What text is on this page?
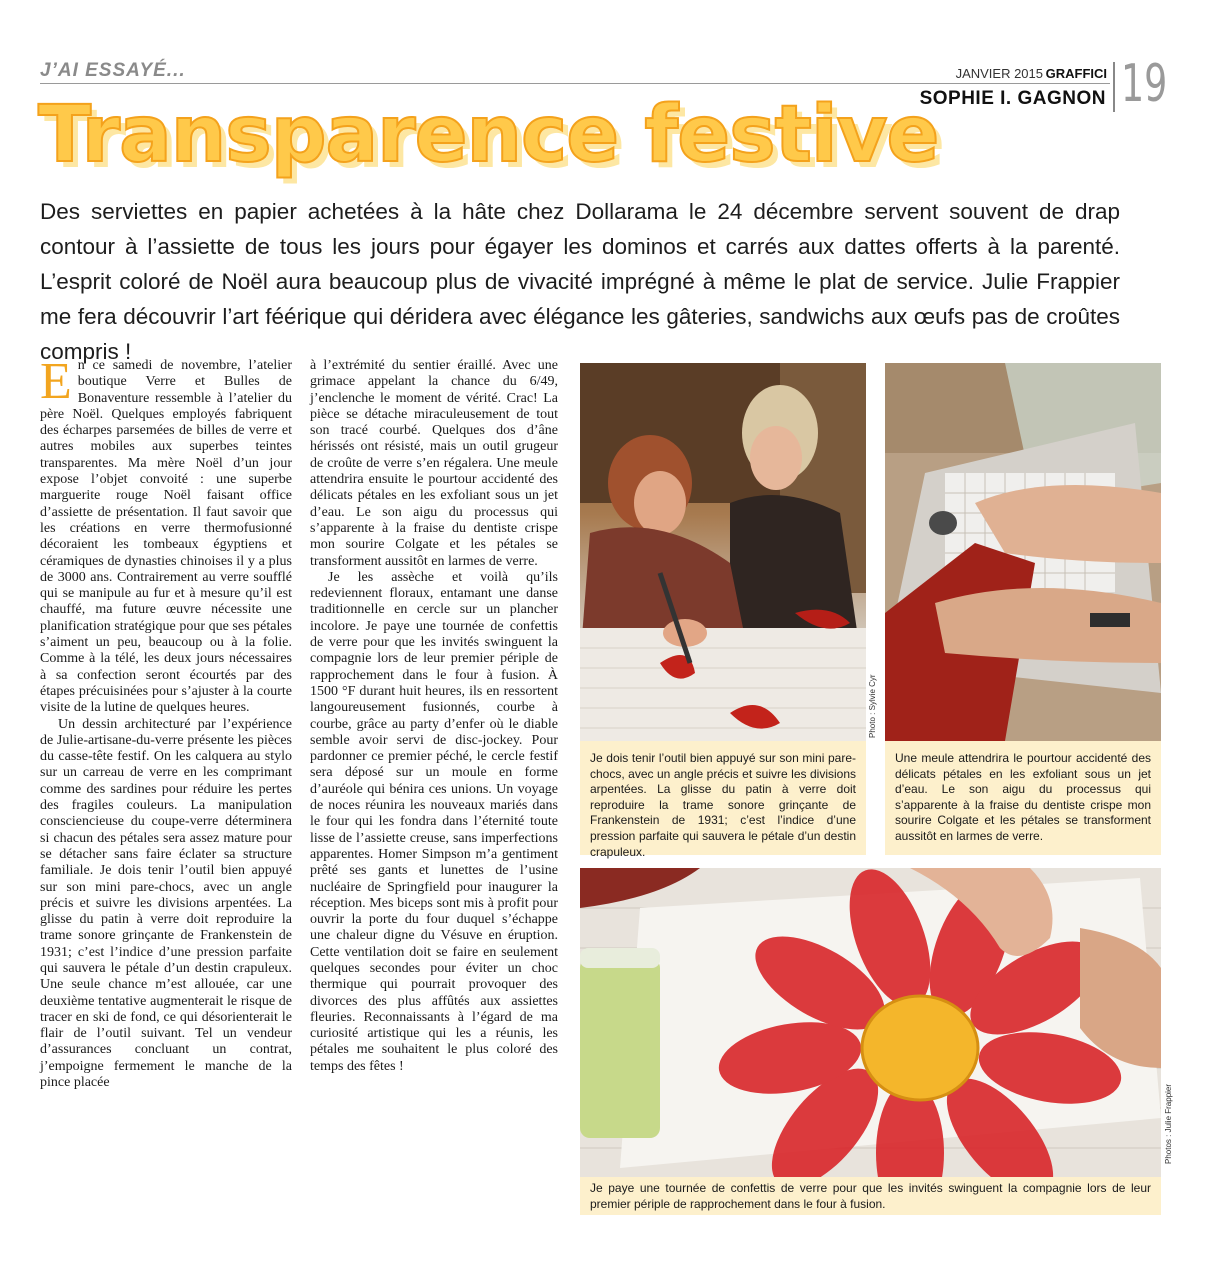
J’AI ESSAYÉ...	JANVIER 2015 GRAFFICI 19
SOPHIE I. GAGNON
Transparence festive
Des serviettes en papier achetées à la hâte chez Dollarama le 24 décembre servent souvent de drap contour à l’assiette de tous les jours pour égayer les dominos et carrés aux dattes offerts à la parenté. L’esprit coloré de Noël aura beaucoup plus de vivacité imprégné à même le plat de service. Julie Frappier me fera découvrir l’art féérique qui déridera avec élégance les gâteries, sandwichs aux œufs pas de croûtes compris !

En ce samedi de novembre, l’atelier boutique Verre et Bulles de Bonaventure ressemble à l’atelier du père Noël. Quelques employés fabriquent des écharpes parsemées de billes de verre et autres mobiles aux superbes teintes transparentes. Ma mère Noël d’un jour expose l’objet convoité : une superbe marguerite rouge Noël faisant office d’assiette de présentation. Il faut savoir que les créations en verre thermofusionné décoraient les tombeaux égyptiens et céramiques de dynasties chinoises il y a plus de 3000 ans. Contrairement au verre soufflé qui se manipule au fur et à mesure qu’il est chauffé, ma future œuvre nécessite une planification stratégique pour que ses pétales s’aiment un peu, beaucoup ou à la folie. Comme à la télé, les deux jours nécessaires à sa confection seront écourtés par des étapes précuisinées pour s’ajuster à la courte visite de la lutine de quelques heures.

Un dessin architecturé par l’expérience de Julie-artisane-du-verre présente les pièces du casse-tête festif. On les calquera au stylo sur un carreau de verre en les comprimant comme des sardines pour réduire les pertes des fragiles couleurs. La manipulation consciencieuse du coupe-verre déterminera si chacun des pétales sera assez mature pour se détacher sans faire éclater sa structure familiale. Je dois tenir l’outil bien appuyé sur son mini pare-chocs, avec un angle précis et suivre les divisions arpentées. La glisse du patin à verre doit reproduire la trame sonore grinçante de Frankenstein de 1931; c’est l’indice d’une pression parfaite qui sauvera le pétale d’un destin crapuleux. Une seule chance m’est allouée, car une deuxième tentative augmenterait le risque de tracer en ski de fond, ce qui désorienterait le flair de l’outil suivant. Tel un vendeur d’assurances concluant un contrat, j’empoigne fermement le manche de la pince placée

à l’extrémité du sentier éraillé. Avec une grimace appelant la chance du 6/49, j’enclenche le moment de vérité. Crac! La pièce se détache miraculeusement de tout son tracé courbé. Quelques dos d’âne hérissés ont résisté, mais un outil grugeur de croûte de verre s’en régalera. Une meule attendrira ensuite le pourtour accidenté des délicats pétales en les exfoliant sous un jet d’eau. Le son aigu du processus qui s’apparente à la fraise du dentiste crispe mon sourire Colgate et les pétales se transforment aussitôt en larmes de verre.

Je les assèche et voilà qu’ils redeviennent floraux, entamant une danse traditionnelle en cercle sur un plancher incolore. Je paye une tournée de confettis de verre pour que les invités swinguent la compagnie lors de leur premier périple de rapprochement dans le four à fusion. À 1500 °F durant huit heures, ils en ressortent langoureusement fusionnés, courbe à courbe, grâce au party d’enfer où le diable semble avoir servi de disc-jockey. Pour pardonner ce premier péché, le cercle festif sera déposé sur un moule en forme d’auréole qui bénira ces unions. Un voyage de noces réunira les nouveaux mariés dans le four qui les fondra dans l’éternité toute lisse de l’assiette creuse, sans imperfections apparentes. Homer Simpson m’a gentiment prêté ses gants et lunettes de l’usine nucléaire de Springfield pour inaugurer la réception. Mes biceps sont mis à profit pour ouvrir la porte du four duquel s’échappe une chaleur digne du Vésuve en éruption. Cette ventilation doit se faire en seulement quelques secondes pour éviter un choc thermique qui pourrait provoquer des divorces des plus affûtés aux assiettes fleuries. Reconnaissants à l’égard de ma curiosité artistique qui les a réunis, les pétales me souhaitent le plus coloré des temps des fêtes !

Photo : Sylvie Cyr
Je dois tenir l’outil bien appuyé sur son mini pare-chocs, avec un angle précis et suivre les divisions arpentées. La glisse du patin à verre doit reproduire la trame sonore grinçante de Frankenstein de 1931; c’est l’indice d’une pression parfaite qui sauvera le pétale d’un destin crapuleux.
Une meule attendrira le pourtour accidenté des délicats pétales en les exfoliant sous un jet d’eau. Le son aigu du processus qui s’apparente à la fraise du dentiste crispe mon sourire Colgate et les pétales se transforment aussitôt en larmes de verre.
Photos : Julie Frappier
Je paye une tournée de confettis de verre pour que les invités swinguent la compagnie lors de leur premier périple de rapprochement dans le four à fusion.
